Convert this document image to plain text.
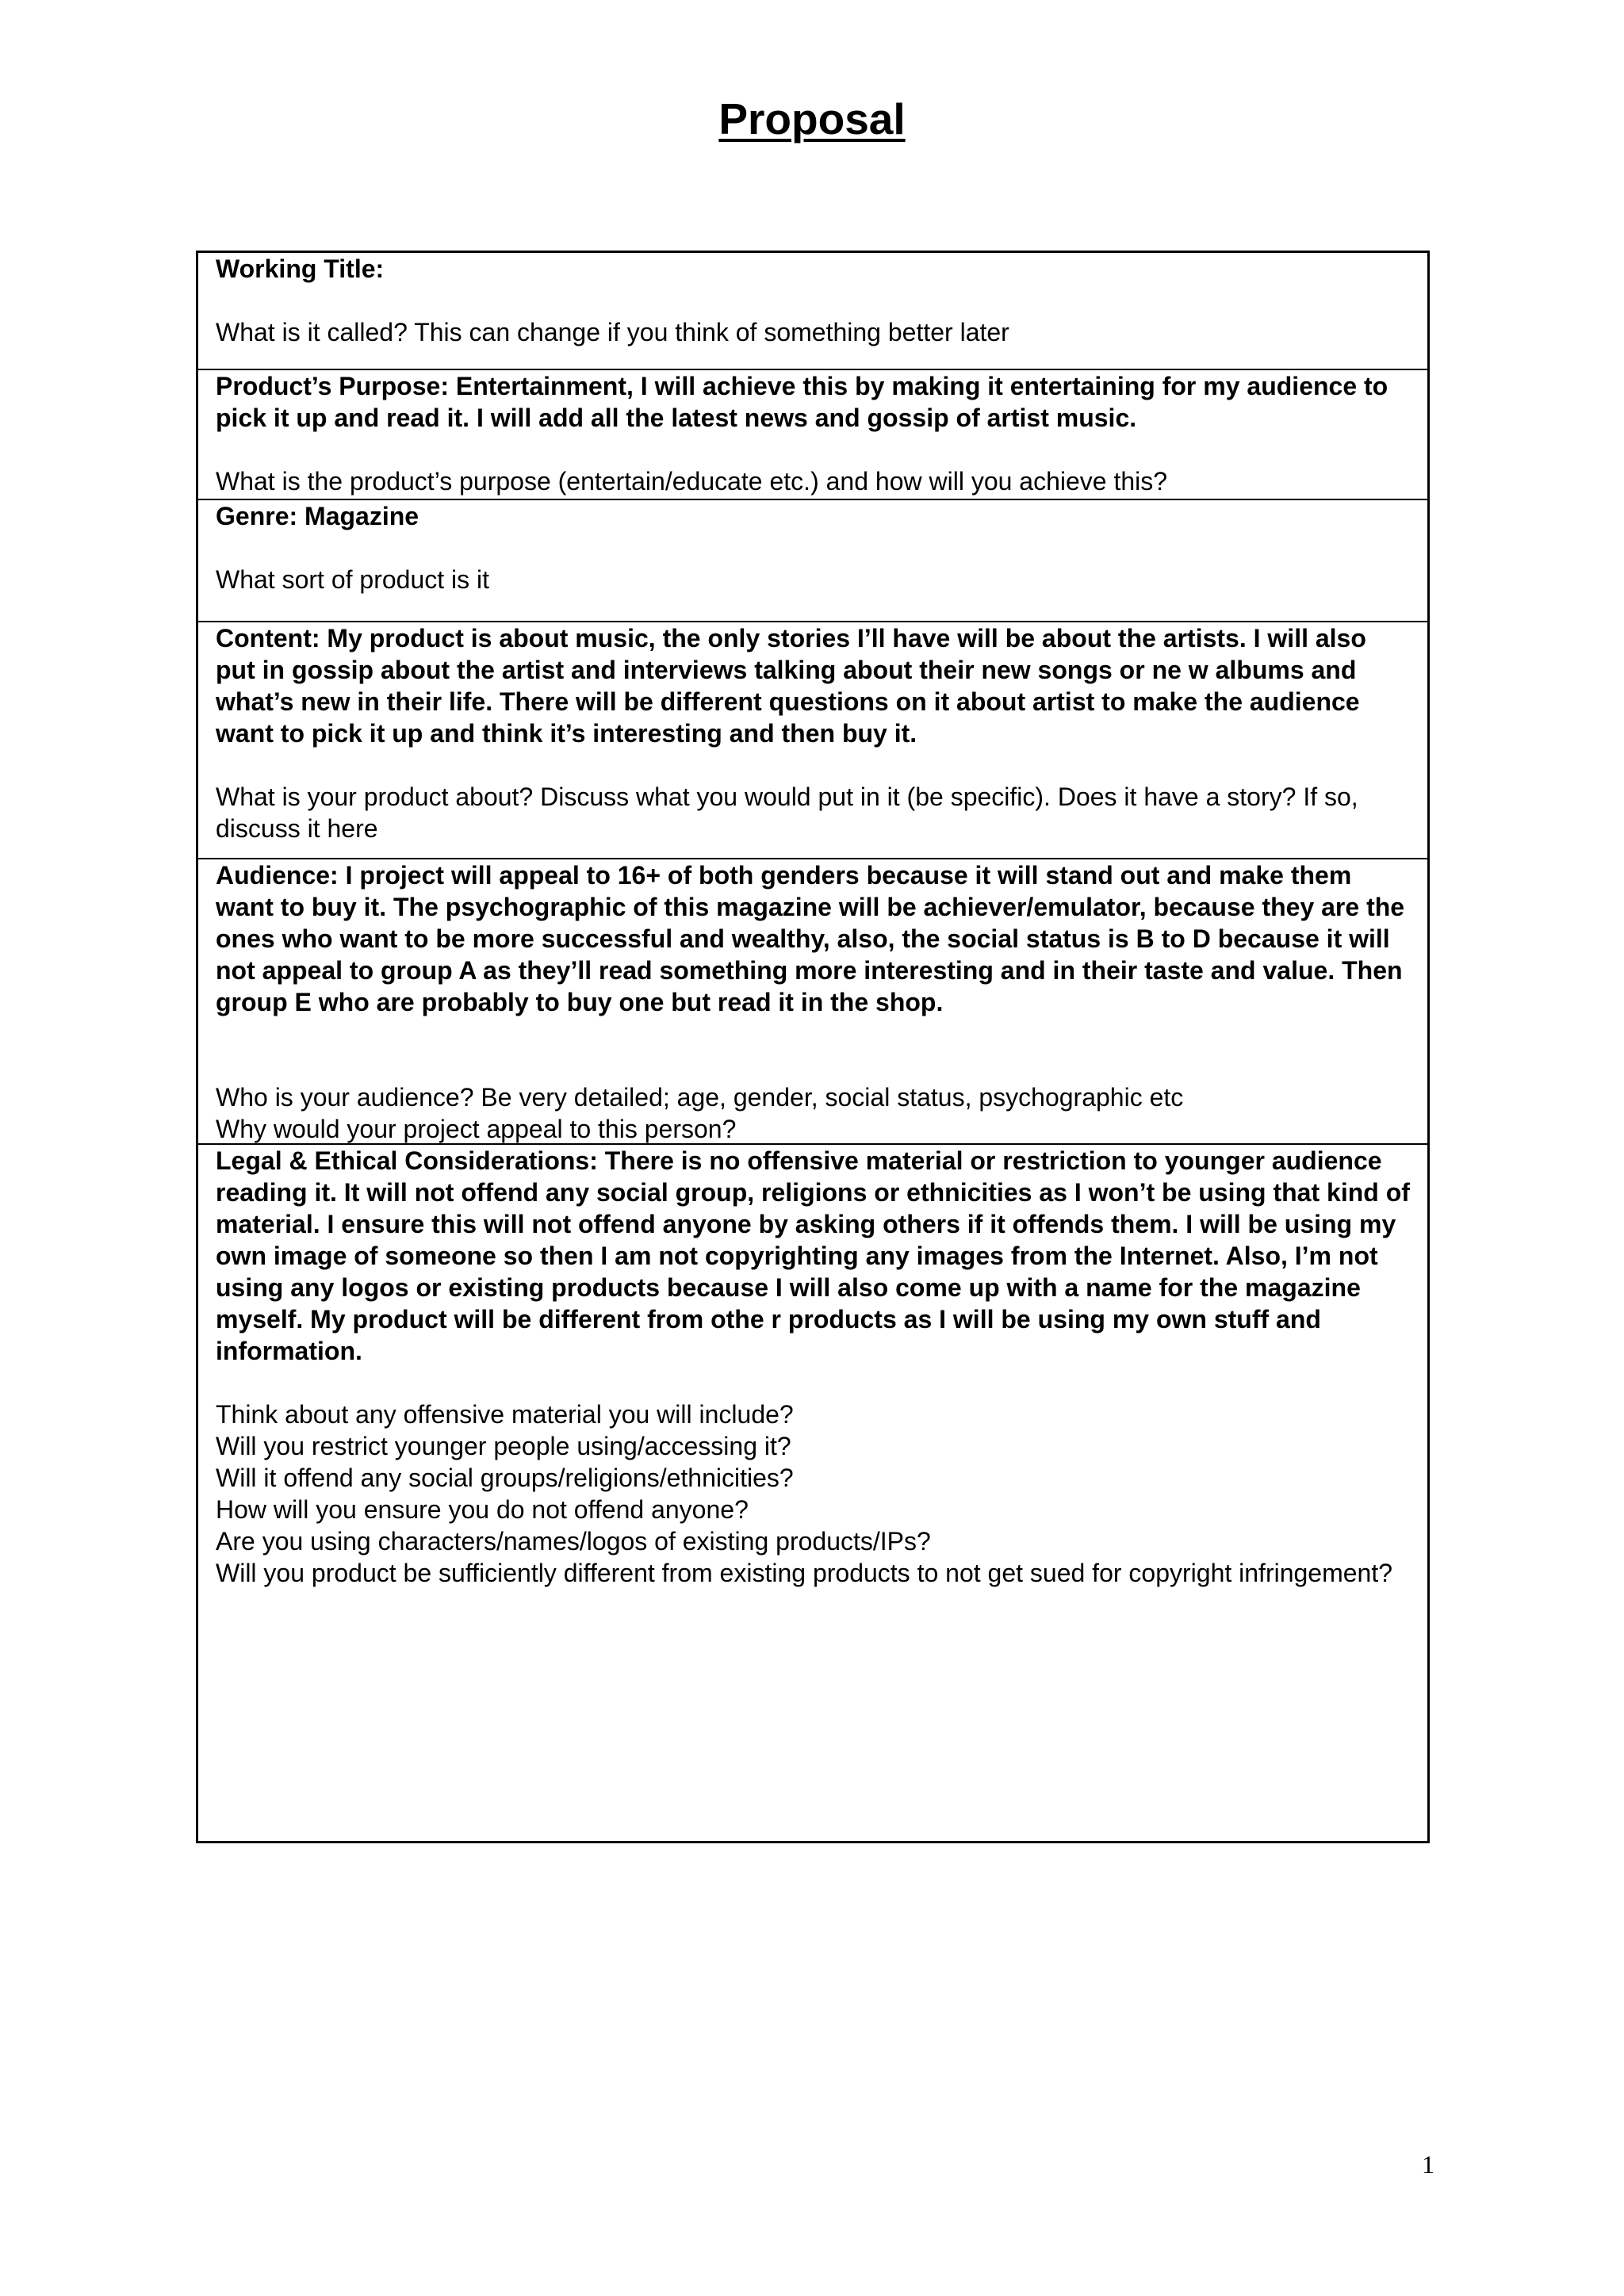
Proposal

Working Title:

What is it called? This can change if you think of something better later

Product’s Purpose: Entertainment, I will achieve this by making it entertaining for my audience to pick it up and read it. I will add all the latest news and gossip of artist music.

What is the product’s purpose (entertain/educate etc.) and how will you achieve this?

Genre: Magazine

What sort of product is it

Content: My product is about music, the only stories I’ll have will be about the artists. I will also put in gossip about the artist and interviews talking about their new songs or ne w albums and what’s new in their life. There will be different questions on it about artist to make the audience want to pick it up and think it’s interesting and then buy it.

What is your product about? Discuss what you would put in it (be specific). Does it have a story? If so, discuss it here

Audience: I project will appeal to 16+ of both genders because it will stand out and make them want to buy it. The psychographic of this magazine will be achiever/emulator, because they are the ones who want to be more successful and wealthy, also, the social status is B to D because it will not appeal to group A as they’ll read something more interesting and in their taste and value. Then group E who are probably to buy one but read it in the shop.

Who is your audience? Be very detailed; age, gender, social status, psychographic etc
Why would your project appeal to this person?

Legal & Ethical Considerations: There is no offensive material or restriction to younger audience reading it. It will not offend any social group, religions or ethnicities as I won’t be using that kind of material. I ensure this will not offend anyone by asking others if it offends them. I will be using my own image of someone so then I am not copyrighting any images from the Internet. Also, I’m not using any logos or existing products because I will also come up with a name for the magazine myself. My product will be different from othe r products as I will be using my own stuff and information.

Think about any offensive material you will include?
Will you restrict younger people using/accessing it?
Will it offend any social groups/religions/ethnicities?
How will you ensure you do not offend anyone?
Are you using characters/names/logos of existing products/IPs?
Will you product be sufficiently different from existing products to not get sued for copyright infringement?

1
